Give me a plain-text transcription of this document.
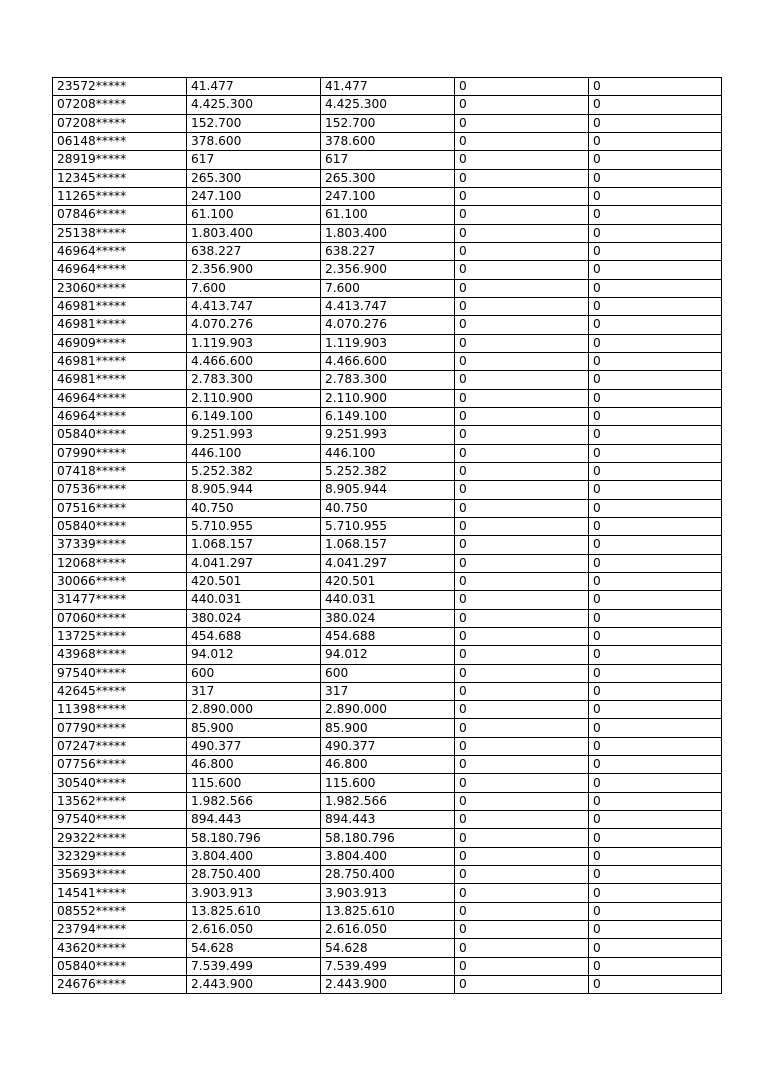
23572*****	41.477	41.477	0	0
07208*****	4.425.300	4.425.300	0	0
07208*****	152.700	152.700	0	0
06148*****	378.600	378.600	0	0
28919*****	617	617	0	0
12345*****	265.300	265.300	0	0
11265*****	247.100	247.100	0	0
07846*****	61.100	61.100	0	0
25138*****	1.803.400	1.803.400	0	0
46964*****	638.227	638.227	0	0
46964*****	2.356.900	2.356.900	0	0
23060*****	7.600	7.600	0	0
46981*****	4.413.747	4.413.747	0	0
46981*****	4.070.276	4.070.276	0	0
46909*****	1.119.903	1.119.903	0	0
46981*****	4.466.600	4.466.600	0	0
46981*****	2.783.300	2.783.300	0	0
46964*****	2.110.900	2.110.900	0	0
46964*****	6.149.100	6.149.100	0	0
05840*****	9.251.993	9.251.993	0	0
07990*****	446.100	446.100	0	0
07418*****	5.252.382	5.252.382	0	0
07536*****	8.905.944	8.905.944	0	0
07516*****	40.750	40.750	0	0
05840*****	5.710.955	5.710.955	0	0
37339*****	1.068.157	1.068.157	0	0
12068*****	4.041.297	4.041.297	0	0
30066*****	420.501	420.501	0	0
31477*****	440.031	440.031	0	0
07060*****	380.024	380.024	0	0
13725*****	454.688	454.688	0	0
43968*****	94.012	94.012	0	0
97540*****	600	600	0	0
42645*****	317	317	0	0
11398*****	2.890.000	2.890.000	0	0
07790*****	85.900	85.900	0	0
07247*****	490.377	490.377	0	0
07756*****	46.800	46.800	0	0
30540*****	115.600	115.600	0	0
13562*****	1.982.566	1.982.566	0	0
97540*****	894.443	894.443	0	0
29322*****	58.180.796	58.180.796	0	0
32329*****	3.804.400	3.804.400	0	0
35693*****	28.750.400	28.750.400	0	0
14541*****	3.903.913	3.903.913	0	0
08552*****	13.825.610	13.825.610	0	0
23794*****	2.616.050	2.616.050	0	0
43620*****	54.628	54.628	0	0
05840*****	7.539.499	7.539.499	0	0
24676*****	2.443.900	2.443.900	0	0
